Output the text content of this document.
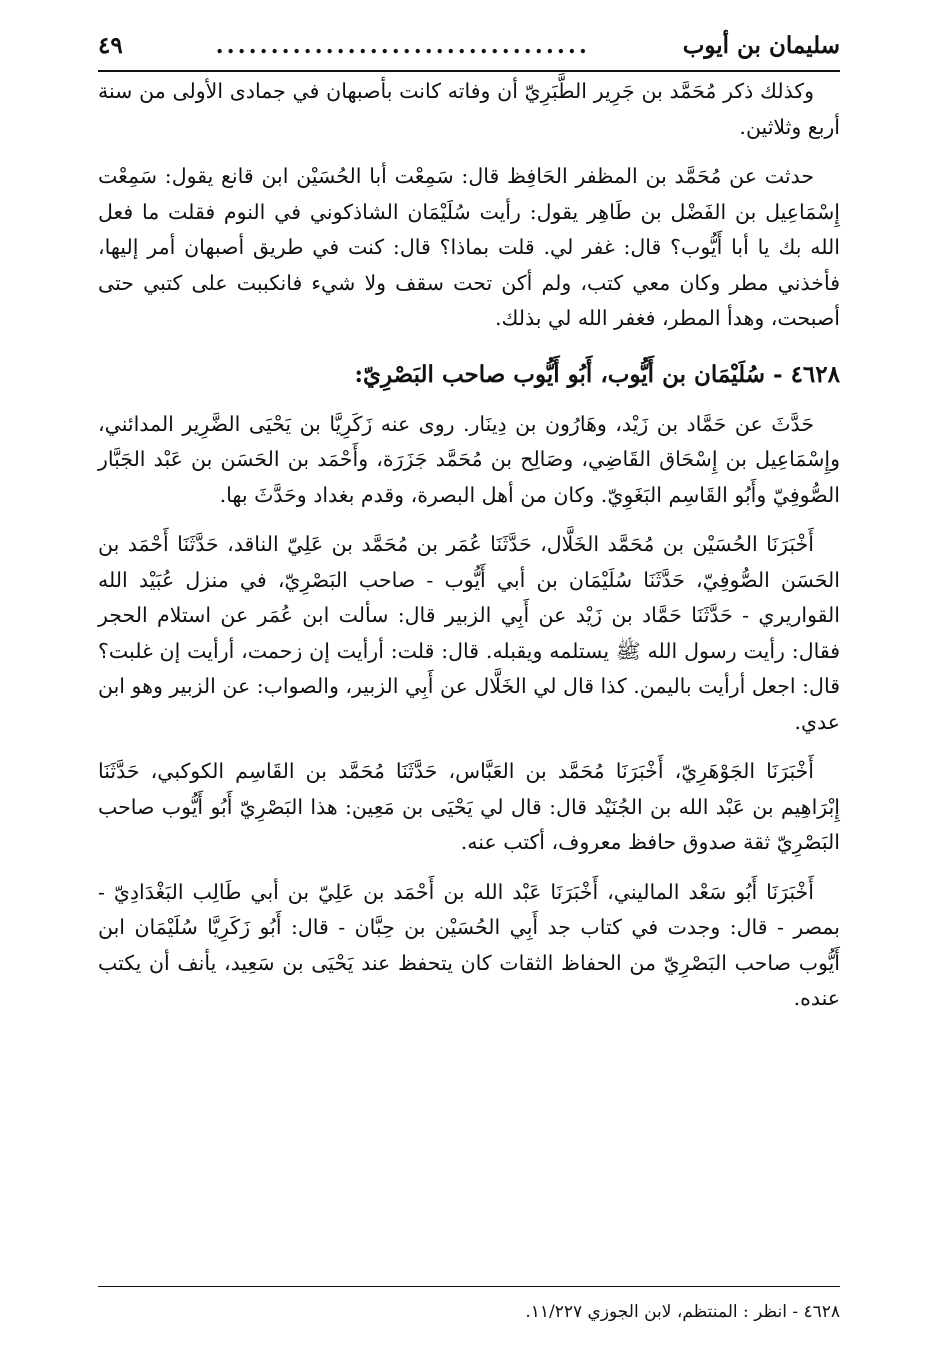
سليمان بن أيوب
..................................
٤٩

وكذلك ذكر مُحَمَّد بن جَرِير الطَّبَرِيّ أن وفاته كانت بأصبهان في جمادى الأولى من سنة أربع وثلاثين.

حدثت عن مُحَمَّد بن المظفر الحَافِظ قال: سَمِعْت أبا الحُسَيْن ابن قانع يقول: سَمِعْت إِسْمَاعِيل بن الفَضْل بن طَاهِر يقول: رأيت سُلَيْمَان الشاذكوني في النوم فقلت ما فعل الله بك يا أبا أَيُّوب؟ قال: غفر لي. قلت بماذا؟ قال: كنت في طريق أصبهان أمر إليها، فأخذني مطر وكان معي كتب، ولم أكن تحت سقف ولا شيء فانكببت على كتبي حتى أصبحت، وهدأ المطر، فغفر الله لي بذلك.

٤٦٢٨ - سُلَيْمَان بن أَيُّوب، أَبُو أَيُّوب صاحب البَصْرِيّ:

حَدَّثَ عن حَمَّاد بن زَيْد، وهَارُون بن دِينَار. روى عنه زَكَرِيَّا بن يَحْيَى الضَّرِير المدائني، وإِسْمَاعِيل بن إِسْحَاق القَاضِي، وصَالِح بن مُحَمَّد جَزَرَة، وأَحْمَد بن الحَسَن بن عَبْد الجَبَّار الصُّوفِيّ وأَبُو القَاسِم البَغَوِيّ. وكان من أهل البصرة، وقدم بغداد وحَدَّثَ بها.

أَخْبَرَنَا الحُسَيْن بن مُحَمَّد الخَلَّال، حَدَّثَنَا عُمَر بن مُحَمَّد بن عَلِيّ الناقد، حَدَّثَنَا أَحْمَد بن الحَسَن الصُّوفِيّ، حَدَّثَنَا سُلَيْمَان بن أبي أَيُّوب - صاحب البَصْرِيّ، في منزل عُبَيْد الله القواريري - حَدَّثَنَا حَمَّاد بن زَيْد عن أَبِي الزبير قال: سألت ابن عُمَر عن استلام الحجر فقال: رأيت رسول الله ﷺ يستلمه ويقبله. قال: قلت: أرأيت إن زحمت، أرأيت إن غلبت؟ قال: اجعل أرأيت باليمن. كذا قال لي الخَلَّال عن أَبِي الزبير، والصواب: عن الزبير وهو ابن عدي.

أَخْبَرَنَا الجَوْهَرِيّ، أَخْبَرَنَا مُحَمَّد بن العَبَّاس، حَدَّثَنَا مُحَمَّد بن القَاسِم الكوكبي، حَدَّثَنَا إِبْرَاهِيم بن عَبْد الله بن الجُنَيْد قال: قال لي يَحْيَى بن مَعِين: هذا البَصْرِيّ أَبُو أَيُّوب صاحب البَصْرِيّ ثقة صدوق حافظ معروف، أكتب عنه.

أَخْبَرَنَا أَبُو سَعْد الماليني، أَخْبَرَنَا عَبْد الله بن أَحْمَد بن عَلِيّ بن أبي طَالِب البَغْدَادِيّ - بمصر - قال: وجدت في كتاب جد أَبِي الحُسَيْن بن حِبَّان - قال: أَبُو زَكَرِيَّا سُلَيْمَان ابن أَيُّوب صاحب البَصْرِيّ من الحفاظ الثقات كان يتحفظ عند يَحْيَى بن سَعِيد، يأنف أن يكتب عنده.

٤٦٢٨ - انظر : المنتظم، لابن الجوزي ١١/٢٢٧.
